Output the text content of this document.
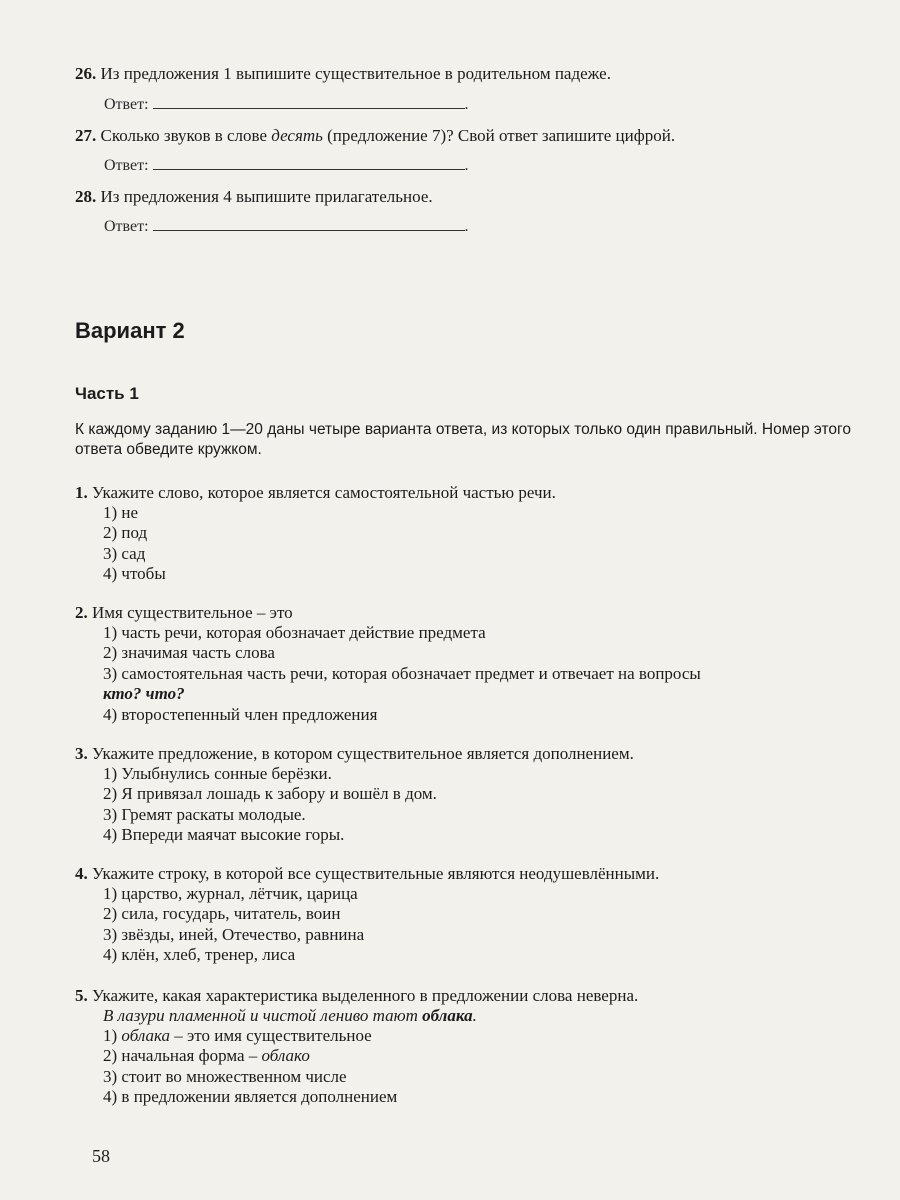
26. Из предложения 1 выпишите существительное в родительном падеже.
Ответ:	.
27. Сколько звуков в слове десять (предложение 7)? Свой ответ запишите цифрой.
Ответ:	.
28. Из предложения 4 выпишите прилагательное.
Ответ:	.
Вариант 2
Часть 1
К каждому заданию 1—20 даны четыре варианта ответа, из которых только один правильный. Номер этого ответа обведите кружком.
1. Укажите слово, которое является самостоятельной частью речи.
1) не
2) под
3) сад
4) чтобы
2. Имя существительное – это
1) часть речи, которая обозначает действие предмета
2) значимая часть слова
3) самостоятельная часть речи, которая обозначает предмет и отвечает на вопросы
кто? что?
4) второстепенный член предложения
3. Укажите предложение, в котором существительное является дополнением.
1) Улыбнулись сонные берёзки.
2) Я привязал лошадь к забору и вошёл в дом.
3) Гремят раскаты молодые.
4) Впереди маячат высокие горы.
4. Укажите строку, в которой все существительные являются неодушевлёнными.
1) царство, журнал, лётчик, царица
2) сила, государь, читатель, воин
3) звёзды, иней, Отечество, равнина
4) клён, хлеб, тренер, лиса
5. Укажите, какая характеристика выделенного в предложении слова неверна.
В лазури пламенной и чистой лениво тают облака.
1) облака – это имя существительное
2) начальная форма – облако
3) стоит во множественном числе
4) в предложении является дополнением
58
